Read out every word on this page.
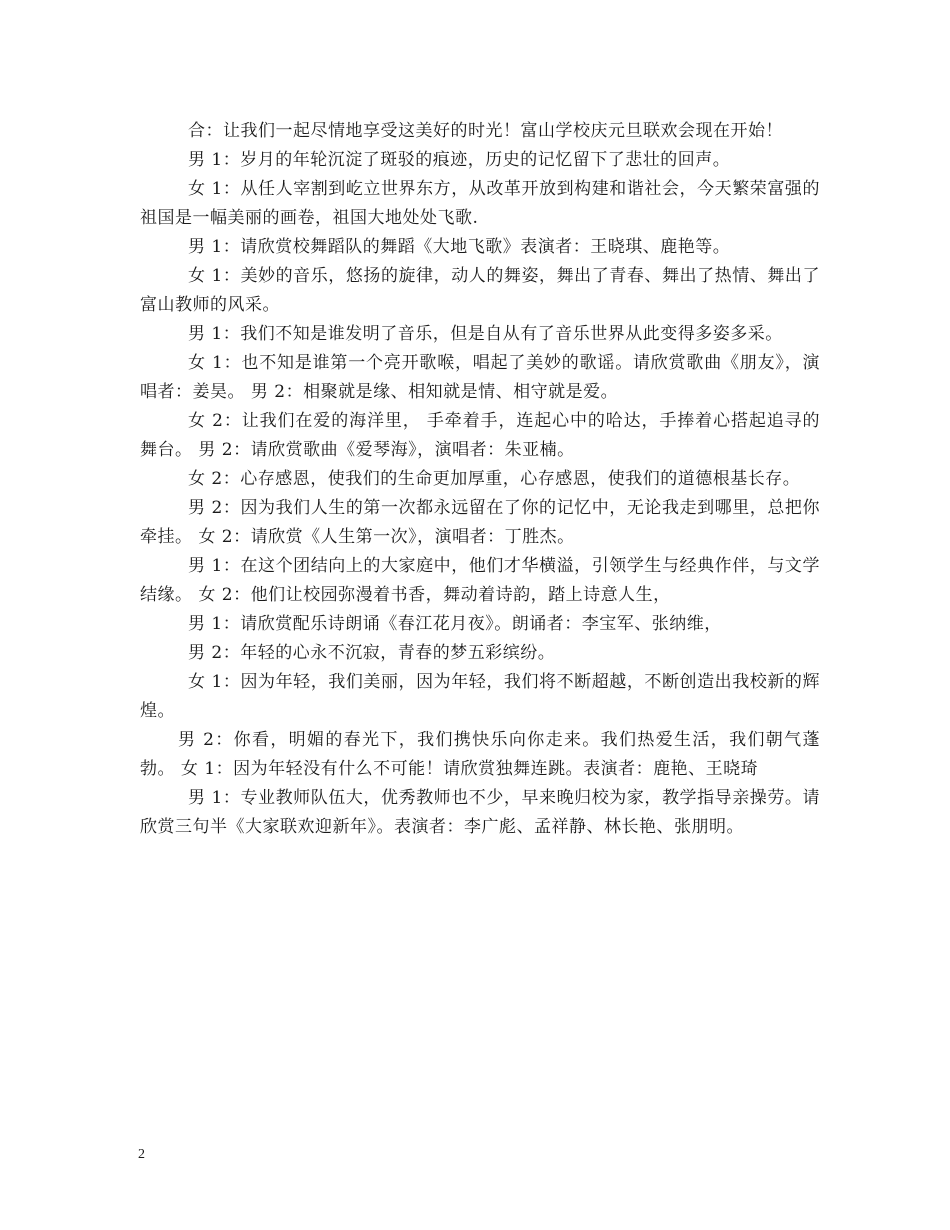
合：让我们一起尽情地享受这美好的时光！富山学校庆元旦联欢会现在开始！

男 1：岁月的年轮沉淀了斑驳的痕迹，历史的记忆留下了悲壮的回声。

女 1：从任人宰割到屹立世界东方，从改革开放到构建和谐社会，今天繁荣富强的祖国是一幅美丽的画卷，祖国大地处处飞歌.

男 1：请欣赏校舞蹈队的舞蹈《大地飞歌》表演者：王晓琪、鹿艳等。

女 1：美妙的音乐，悠扬的旋律，动人的舞姿，舞出了青春、舞出了热情、舞出了富山教师的风采。

男 1：我们不知是谁发明了音乐，但是自从有了音乐世界从此变得多姿多采。

女 1：也不知是谁第一个亮开歌喉，唱起了美妙的歌谣。请欣赏歌曲《朋友》，演唱者：姜昊。 男 2：相聚就是缘、相知就是情、相守就是爱。

女 2：让我们在爱的海洋里， 手牵着手，连起心中的哈达，手捧着心搭起追寻的舞台。 男 2：请欣赏歌曲《爱琴海》，演唱者：朱亚楠。

女 2：心存感恩，使我们的生命更加厚重，心存感恩，使我们的道德根基长存。

男 2：因为我们人生的第一次都永远留在了你的记忆中，无论我走到哪里，总把你牵挂。 女 2：请欣赏《人生第一次》，演唱者：丁胜杰。

男 1：在这个团结向上的大家庭中，他们才华横溢，引领学生与经典作伴，与文学结缘。 女 2：他们让校园弥漫着书香，舞动着诗韵，踏上诗意人生，

男 1：请欣赏配乐诗朗诵《春江花月夜》。朗诵者：李宝军、张纳维，

男 2：年轻的心永不沉寂，青春的梦五彩缤纷。

女 1：因为年轻，我们美丽，因为年轻，我们将不断超越，不断创造出我校新的辉煌。

男 2：你看，明媚的春光下，我们携快乐向你走来。我们热爱生活，我们朝气蓬勃。 女 1：因为年轻没有什么不可能！请欣赏独舞连跳。表演者：鹿艳、王晓琦

男 1：专业教师队伍大，优秀教师也不少，早来晚归校为家，教学指导亲操劳。请欣赏三句半《大家联欢迎新年》。表演者：李广彪、孟祥静、林长艳、张朋明。

2
